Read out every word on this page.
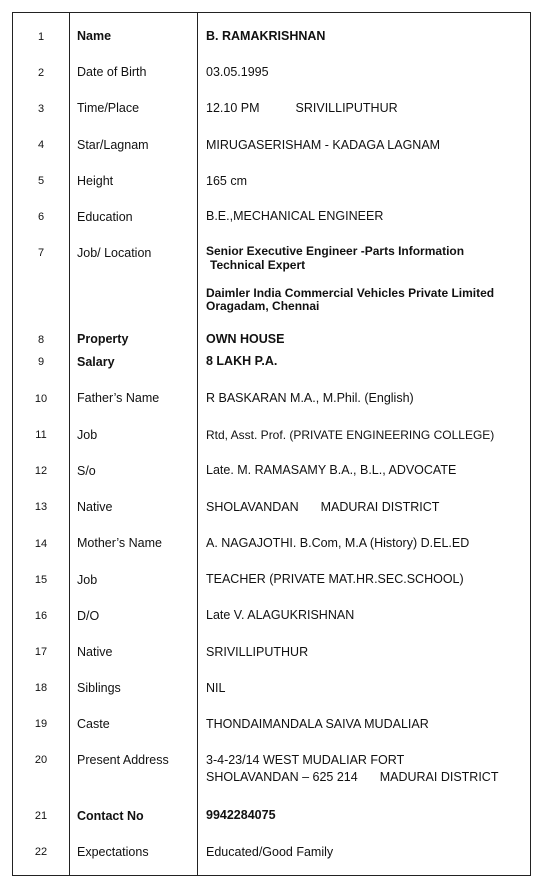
1	Name	B. RAMAKRISHNAN
2	Date of Birth	03.05.1995
3	Time/Place	12.10 PM	SRIVILLIPUTHUR
4	Star/Lagnam	MIRUGASERISHAM - KADAGA LAGNAM
5	Height	165 cm
6	Education	B.E.,MECHANICAL ENGINEER
7	Job/ Location	Senior Executive Engineer -Parts Information
Technical Expert
Daimler India Commercial Vehicles Private Limited
Oragadam, Chennai
8	Property	OWN HOUSE
9	Salary	8 LAKH P.A.
10	Father’s Name	R BASKARAN M.A., M.Phil. (English)
11	Job	Rtd, Asst. Prof. (PRIVATE ENGINEERING COLLEGE)
12	S/o	Late. M. RAMASAMY B.A., B.L., ADVOCATE
13	Native	SHOLAVANDAN MADURAI DISTRICT
14	Mother’s Name	A. NAGAJOTHI. B.Com, M.A (History) D.EL.ED
15	Job	TEACHER (PRIVATE MAT.HR.SEC.SCHOOL)
16	D/O	Late V. ALAGUKRISHNAN
17	Native	SRIVILLIPUTHUR
18	Siblings	NIL
19	Caste	THONDAIMANDALA SAIVA MUDALIAR
20	Present Address	3-4-23/14 WEST MUDALIAR FORT
SHOLAVANDAN – 625 214 MADURAI DISTRICT
21	Contact No	9942284075
22	Expectations	Educated/Good Family
